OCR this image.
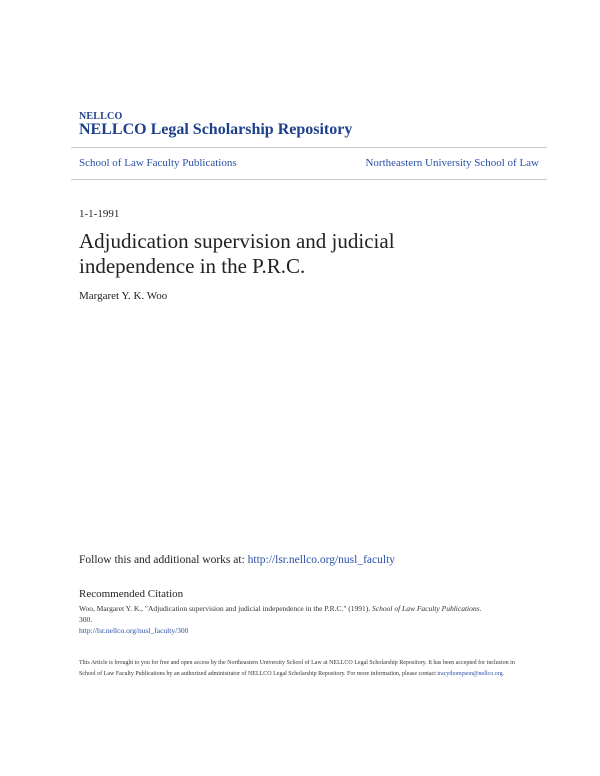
NELLCO
NELLCO Legal Scholarship Repository
School of Law Faculty Publications	Northeastern University School of Law
1-1-1991
Adjudication supervision and judicial independence in the P.R.C.
Margaret Y. K. Woo
Follow this and additional works at: http://lsr.nellco.org/nusl_faculty
Recommended Citation
Woo, Margaret Y. K., "Adjudication supervision and judicial independence in the P.R.C." (1991). School of Law Faculty Publications.
300.
http://lsr.nellco.org/nusl_faculty/300
This Article is brought to you for free and open access by the Northeastern University School of Law at NELLCO Legal Scholarship Repository. It has been accepted for inclusion in School of Law Faculty Publications by an authorized administrator of NELLCO Legal Scholarship Repository. For more information, please contact tracythompson@nellco.org.
